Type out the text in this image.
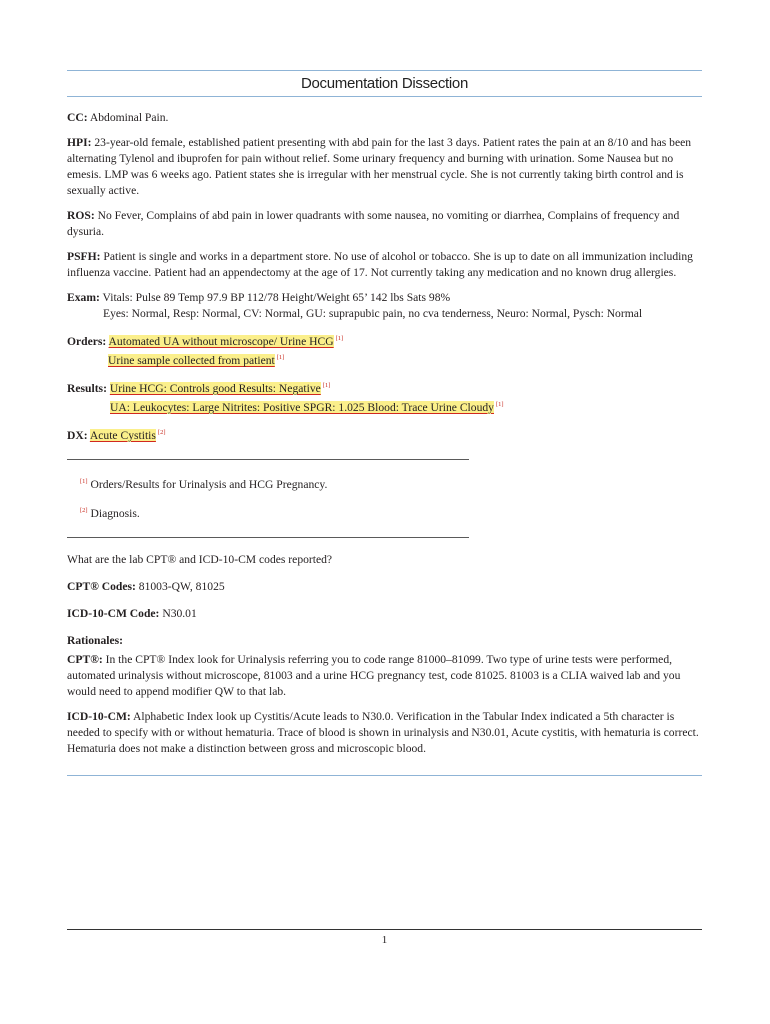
Documentation Dissection

CC: Abdominal Pain.

HPI: 23-year-old female, established patient presenting with abd pain for the last 3 days. Patient rates the pain at an 8/10 and has been alternating Tylenol and ibuprofen for pain without relief. Some urinary frequency and burning with urination. Some Nausea but no emesis. LMP was 6 weeks ago. Patient states she is irregular with her menstrual cycle. She is not currently taking birth control and is sexually active.

ROS: No Fever, Complains of abd pain in lower quadrants with some nausea, no vomiting or diarrhea, Complains of frequency and dysuria.

PSFH: Patient is single and works in a department store. No use of alcohol or tobacco. She is up to date on all immunization including influenza vaccine. Patient had an appendectomy at the age of 17. Not currently taking any medication and no known drug allergies.

Exam: Vitals: Pulse 89 Temp 97.9 BP 112/78 Height/Weight 65’ 142 lbs Sats 98%
Eyes: Normal, Resp: Normal, CV: Normal, GU: suprapubic pain, no cva tenderness, Neuro: Normal, Pysch: Normal

Orders: Automated UA without microscope/ Urine HCG [1]
Urine sample collected from patient [1]

Results: Urine HCG: Controls good Results: Negative [1]
UA: Leukocytes: Large Nitrites: Positive SPGR: 1.025 Blood: Trace Urine Cloudy [1]

DX: Acute Cystitis [2]

[1] Orders/Results for Urinalysis and HCG Pregnancy.

[2] Diagnosis.

What are the lab CPT® and ICD-10-CM codes reported?

CPT® Codes: 81003-QW, 81025

ICD-10-CM Code: N30.01

Rationales:

CPT®: In the CPT® Index look for Urinalysis referring you to code range 81000–81099. Two type of urine tests were performed, automated urinalysis without microscope, 81003 and a urine HCG pregnancy test, code 81025. 81003 is a CLIA waived lab and you would need to append modifier QW to that lab.

ICD-10-CM: Alphabetic Index look up Cystitis/Acute leads to N30.0. Verification in the Tabular Index indicated a 5th character is needed to specify with or without hematuria. Trace of blood is shown in urinalysis and N30.01, Acute cystitis, with hematuria is correct. Hematuria does not make a distinction between gross and microscopic blood.

1
